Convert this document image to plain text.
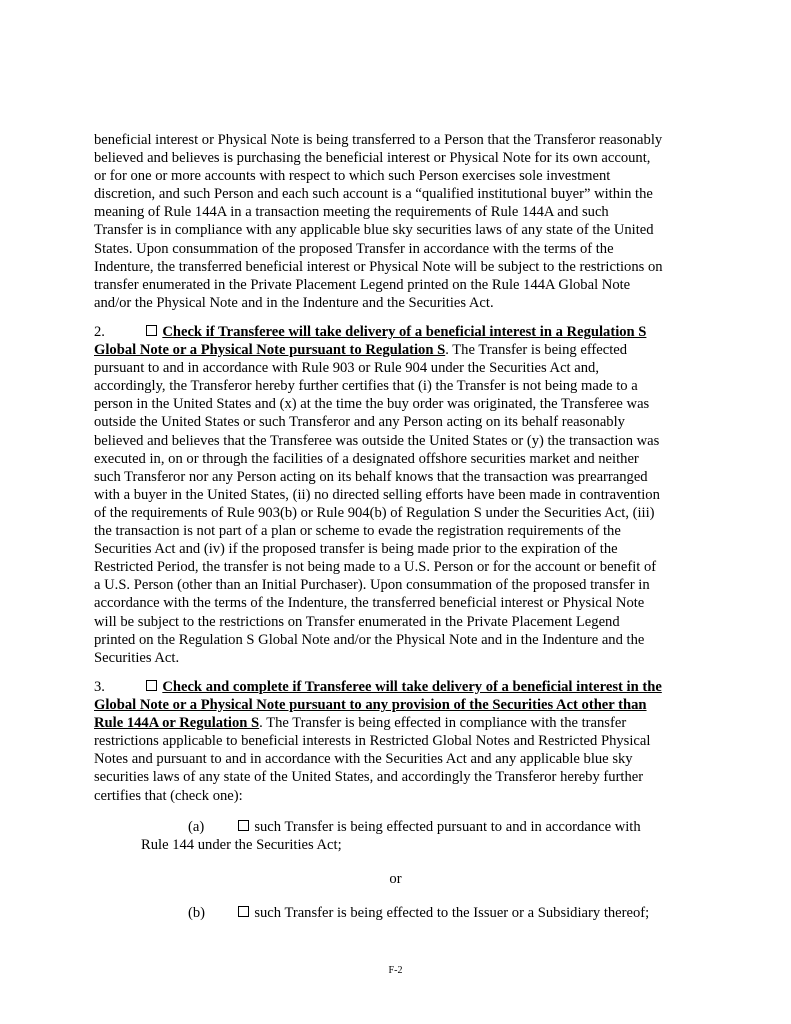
beneficial interest or Physical Note is being transferred to a Person that the Transferor reasonably
believed and believes is purchasing the beneficial interest or Physical Note for its own account,
or for one or more accounts with respect to which such Person exercises sole investment
discretion, and such Person and each such account is a “qualified institutional buyer” within the
meaning of Rule 144A in a transaction meeting the requirements of Rule 144A and such
Transfer is in compliance with any applicable blue sky securities laws of any state of the United
States. Upon consummation of the proposed Transfer in accordance with the terms of the
Indenture, the transferred beneficial interest or Physical Note will be subject to the restrictions on
transfer enumerated in the Private Placement Legend printed on the Rule 144A Global Note
and/or the Physical Note and in the Indenture and the Securities Act.
2.	Check if Transferee will take delivery of a beneficial interest in a Regulation S
Global Note or a Physical Note pursuant to Regulation S. The Transfer is being effected
pursuant to and in accordance with Rule 903 or Rule 904 under the Securities Act and,
accordingly, the Transferor hereby further certifies that (i) the Transfer is not being made to a
person in the United States and (x) at the time the buy order was originated, the Transferee was
outside the United States or such Transferor and any Person acting on its behalf reasonably
believed and believes that the Transferee was outside the United States or (y) the transaction was
executed in, on or through the facilities of a designated offshore securities market and neither
such Transferor nor any Person acting on its behalf knows that the transaction was prearranged
with a buyer in the United States, (ii) no directed selling efforts have been made in contravention
of the requirements of Rule 903(b) or Rule 904(b) of Regulation S under the Securities Act, (iii)
the transaction is not part of a plan or scheme to evade the registration requirements of the
Securities Act and (iv) if the proposed transfer is being made prior to the expiration of the
Restricted Period, the transfer is not being made to a U.S. Person or for the account or benefit of
a U.S. Person (other than an Initial Purchaser). Upon consummation of the proposed transfer in
accordance with the terms of the Indenture, the transferred beneficial interest or Physical Note
will be subject to the restrictions on Transfer enumerated in the Private Placement Legend
printed on the Regulation S Global Note and/or the Physical Note and in the Indenture and the
Securities Act.
3.	Check and complete if Transferee will take delivery of a beneficial interest in the
Global Note or a Physical Note pursuant to any provision of the Securities Act other than
Rule 144A or Regulation S. The Transfer is being effected in compliance with the transfer
restrictions applicable to beneficial interests in Restricted Global Notes and Restricted Physical
Notes and pursuant to and in accordance with the Securities Act and any applicable blue sky
securities laws of any state of the United States, and accordingly the Transferor hereby further
certifies that (check one):
(a)	such Transfer is being effected pursuant to and in accordance with
Rule 144 under the Securities Act;
or
(b)	such Transfer is being effected to the Issuer or a Subsidiary thereof;
F-2
